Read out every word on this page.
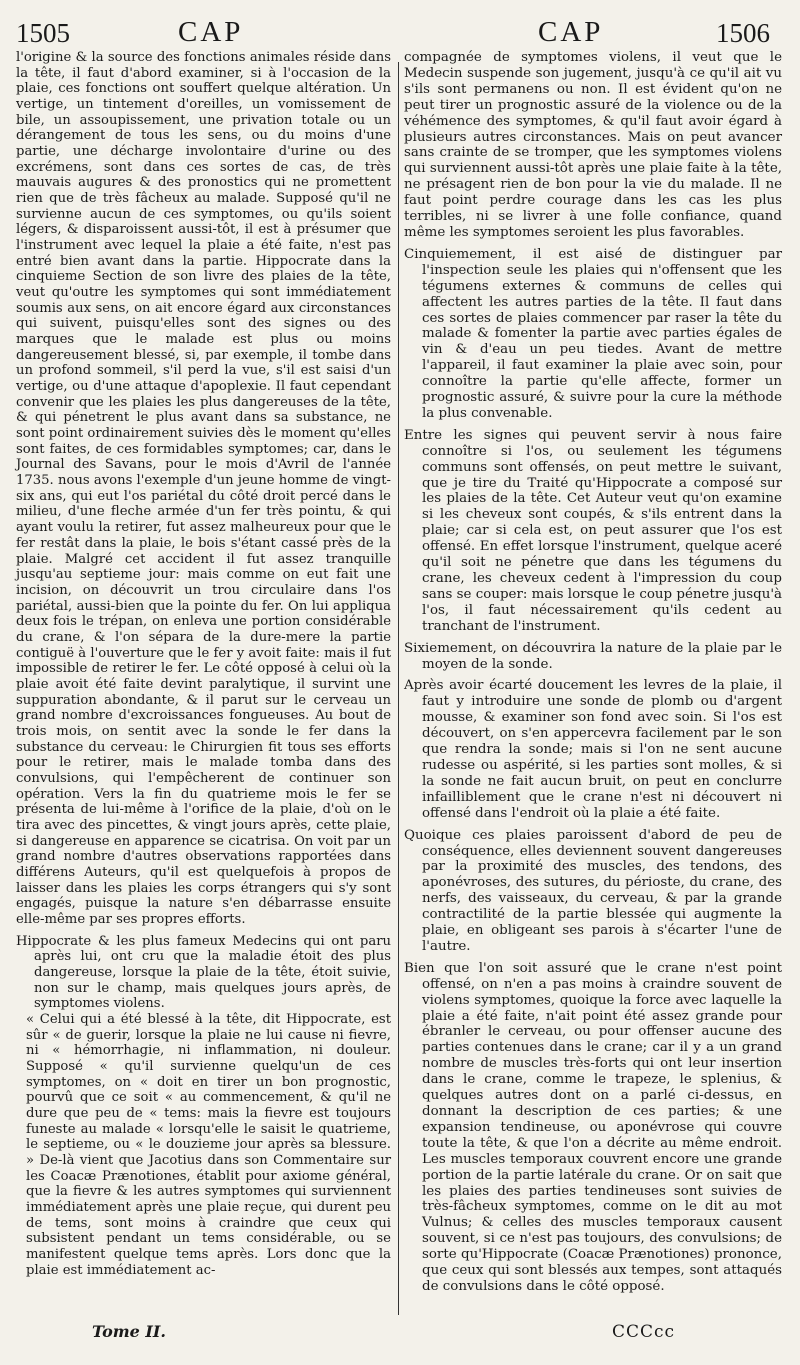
1505	CAP	CAP	1506

l'origine & la source des fonctions animales réside dans la tête, il faut d'abord examiner, si à l'occasion de la plaie, ces fonctions ont souffert quelque altération. Un vertige, un tintement d'oreilles, un vomissement de bile, un assoupissement, une privation totale ou un dérangement de tous les sens, ou du moins d'une partie, une décharge involontaire d'urine ou des excrémens, sont dans ces sortes de cas, de très mauvais augures & des pronostics qui ne promettent rien que de très fâcheux au malade. Supposé qu'il ne survienne aucun de ces symptomes, ou qu'ils soient légers, & disparoissent aussi-tôt, il est à présumer que l'instrument avec lequel la plaie a été faite, n'est pas entré bien avant dans la partie. Hippocrate dans la cinquieme Section de son livre des plaies de la tête, veut qu'outre les symptomes qui sont immédiatement soumis aux sens, on ait encore égard aux circonstances qui suivent, puisqu'elles sont des signes ou des marques que le malade est plus ou moins dangereusement blessé, si, par exemple, il tombe dans un profond sommeil, s'il perd la vue, s'il est saisi d'un vertige, ou d'une attaque d'apoplexie. Il faut cependant convenir que les plaies les plus dangereuses de la tête, & qui pénetrent le plus avant dans sa substance, ne sont point ordinairement suivies dès le moment qu'elles sont faites, de ces formidables symptomes; car, dans le Journal des Savans, pour le mois d'Avril de l'année 1735. nous avons l'exemple d'un jeune homme de vingt-six ans, qui eut l'os pariétal du côté droit percé dans le milieu, d'une fleche armée d'un fer très pointu, & qui ayant voulu la retirer, fut assez malheureux pour que le fer restât dans la plaie, le bois s'étant cassé près de la plaie. Malgré cet accident il fut assez tranquille jusqu'au septieme jour: mais comme on eut fait une incision, on découvrit un trou circulaire dans l'os pariétal, aussi-bien que la pointe du fer. On lui appliqua deux fois le trépan, on enleva une portion considérable du crane, & l'on sépara de la dure-mere la partie contiguë à l'ouverture que le fer y avoit faite: mais il fut impossible de retirer le fer. Le côté opposé à celui où la plaie avoit été faite devint paralytique, il survint une suppuration abondante, & il parut sur le cerveau un grand nombre d'excroissances fongueuses. Au bout de trois mois, on sentit avec la sonde le fer dans la substance du cerveau: le Chirurgien fit tous ses efforts pour le retirer, mais le malade tomba dans des convulsions, qui l'empêcherent de continuer son opération. Vers la fin du quatrieme mois le fer se présenta de lui-même à l'orifice de la plaie, d'où on le tira avec des pincettes, & vingt jours après, cette plaie, si dangereuse en apparence se cicatrisa. On voit par un grand nombre d'autres observations rapportées dans différens Auteurs, qu'il est quelquefois à propos de laisser dans les plaies les corps étrangers qui s'y sont engagés, puisque la nature s'en débarrasse ensuite elle-même par ses propres efforts.

Hippocrate & les plus fameux Medecins qui ont paru après lui, ont cru que la maladie étoit des plus dangereuse, lorsque la plaie de la tête, étoit suivie, non sur le champ, mais quelques jours après, de symptomes violens.

« Celui qui a été blessé à la tête, dit Hippocrate, est sûr « de guerir, lorsque la plaie ne lui cause ni fievre, ni « hémorrhagie, ni inflammation, ni douleur. Supposé « qu'il survienne quelqu'un de ces symptomes, on « doit en tirer un bon prognostic, pourvû que ce soit « au commencement, & qu'il ne dure que peu de « tems: mais la fievre est toujours funeste au malade « lorsqu'elle le saisit le quatrieme, le septieme, ou « le douzieme jour après sa blessure. » De-là vient que Jacotius dans son Commentaire sur les Coacæ Prænotiones, établit pour axiome général, que la fievre & les autres symptomes qui surviennent immédiatement après une plaie reçue, qui durent peu de tems, sont moins à craindre que ceux qui subsistent pendant un tems considérable, ou se manifestent quelque tems après. Lors donc que la plaie est immédiatement ac-

compagnée de symptomes violens, il veut que le Medecin suspende son jugement, jusqu'à ce qu'il ait vu s'ils sont permanens ou non. Il est évident qu'on ne peut tirer un prognostic assuré de la violence ou de la véhémence des symptomes, & qu'il faut avoir égard à plusieurs autres circonstances. Mais on peut avancer sans crainte de se tromper, que les symptomes violens qui surviennent aussi-tôt après une plaie faite à la tête, ne présagent rien de bon pour la vie du malade. Il ne faut point perdre courage dans les cas les plus terribles, ni se livrer à une folle confiance, quand même les symptomes seroient les plus favorables.

Cinquiemement, il est aisé de distinguer par l'inspection seule les plaies qui n'offensent que les tégumens externes & communs de celles qui affectent les autres parties de la tête. Il faut dans ces sortes de plaies commencer par raser la tête du malade & fomenter la partie avec parties égales de vin & d'eau un peu tiedes. Avant de mettre l'appareil, il faut examiner la plaie avec soin, pour connoître la partie qu'elle affecte, former un prognostic assuré, & suivre pour la cure la méthode la plus convenable.

Entre les signes qui peuvent servir à nous faire connoître si l'os, ou seulement les tégumens communs sont offensés, on peut mettre le suivant, que je tire du Traité qu'Hippocrate a composé sur les plaies de la tête. Cet Auteur veut qu'on examine si les cheveux sont coupés, & s'ils entrent dans la plaie; car si cela est, on peut assurer que l'os est offensé. En effet lorsque l'instrument, quelque aceré qu'il soit ne pénetre que dans les tégumens du crane, les cheveux cedent à l'impression du coup sans se couper: mais lorsque le coup pénetre jusqu'à l'os, il faut nécessairement qu'ils cedent au tranchant de l'instrument.

Sixiemement, on découvrira la nature de la plaie par le moyen de la sonde.

Après avoir écarté doucement les levres de la plaie, il faut y introduire une sonde de plomb ou d'argent mousse, & examiner son fond avec soin. Si l'os est découvert, on s'en appercevra facilement par le son que rendra la sonde; mais si l'on ne sent aucune rudesse ou aspérité, si les parties sont molles, & si la sonde ne fait aucun bruit, on peut en conclurre infailliblement que le crane n'est ni découvert ni offensé dans l'endroit où la plaie a été faite.

Quoique ces plaies paroissent d'abord de peu de conséquence, elles deviennent souvent dangereuses par la proximité des muscles, des tendons, des aponévroses, des sutures, du périoste, du crane, des nerfs, des vaisseaux, du cerveau, & par la grande contractilité de la partie blessée qui augmente la plaie, en obligeant ses parois à s'écarter l'une de l'autre.

Bien que l'on soit assuré que le crane n'est point offensé, on n'en a pas moins à craindre souvent de violens symptomes, quoique la force avec laquelle la plaie a été faite, n'ait point été assez grande pour ébranler le cerveau, ou pour offenser aucune des parties contenues dans le crane; car il y a un grand nombre de muscles très-forts qui ont leur insertion dans le crane, comme le trapeze, le splenius, & quelques autres dont on a parlé ci-dessus, en donnant la description de ces parties; & une expansion tendineuse, ou aponévrose qui couvre toute la tête, & que l'on a décrite au même endroit. Les muscles temporaux couvrent encore une grande portion de la partie latérale du crane. Or on sait que les plaies des parties tendineuses sont suivies de très-fâcheux symptomes, comme on le dit au mot Vulnus; & celles des muscles temporaux causent souvent, si ce n'est pas toujours, des convulsions; de sorte qu'Hippocrate (Coacæ Prænotiones) prononce, que ceux qui sont blessés aux tempes, sont attaqués de convulsions dans le côté opposé.

Tome II.	CCCcc
